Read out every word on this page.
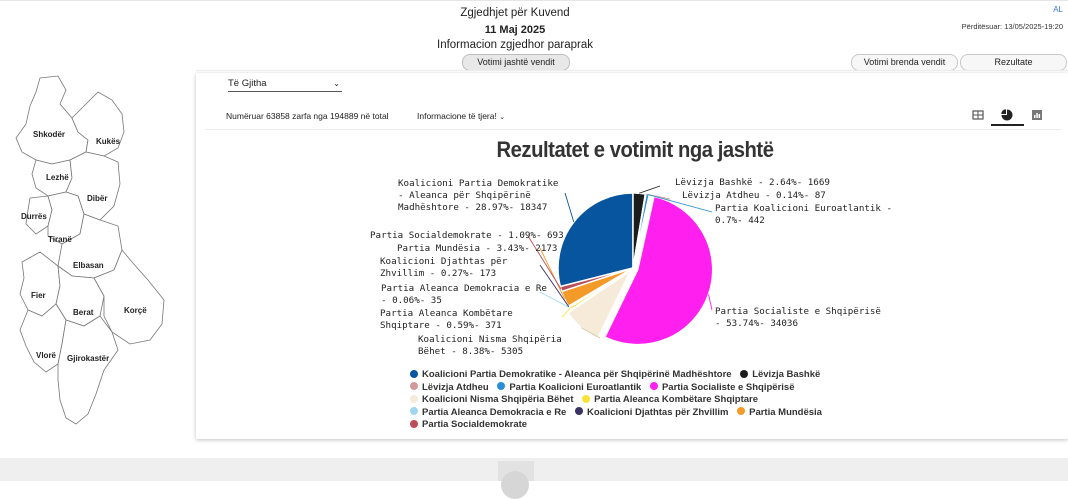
Zgjedhjet për Kuvend
11 Maj 2025
Informacion zgjedhor paraprak
AL
Përditësuar: 13/05/2025-19:20
Votimi jashtë vendit	Votimi brenda vendit	Rezultate
Shkodër
Kukës
Lezhë
Dibër
Durrës
Tiranë
Elbasan
Fier
Berat	Korçë
Vlorë Gjirokastër
Të Gjitha	⌄
Numëruar 63858 zarfa nga 194889 në total	Informacione të tjera! ⌄
Rezultatet e votimit nga jashtë
Koalicioni Partia Demokratike - Aleanca për Shqipërinë Madhështore - 28.97%- 18347
Lëvizja Bashkë - 2.64%- 1669
Lëvizja Atdheu - 0.14%- 87
Partia Koalicioni Euroatlantik - 0.7%- 442
Partia Socialiste e Shqipërisë - 53.74%- 34036
Koalicioni Nisma Shqipëria Bëhet - 8.38%- 5305
Partia Aleanca Kombëtare Shqiptare - 0.59%- 371
Partia Aleanca Demokracia e Re - 0.06%- 35
Koalicioni Djathtas për Zhvillim - 0.27%- 173
Partia Mundësia - 3.43%- 2173
Partia Socialdemokrate - 1.09%- 693
Koalicioni Partia Demokratike - Aleanca për Shqipërinë Madhështore Lëvizja Bashkë Lëvizja Atdheu Partia Koalicioni Euroatlantik Partia Socialiste e Shqipërisë Koalicioni Nisma Shqipëria Bëhet Partia Aleanca Kombëtare Shqiptare Partia Aleanca Demokracia e Re Koalicioni Djathtas për Zhvillim Partia Mundësia Partia Socialdemokrate
